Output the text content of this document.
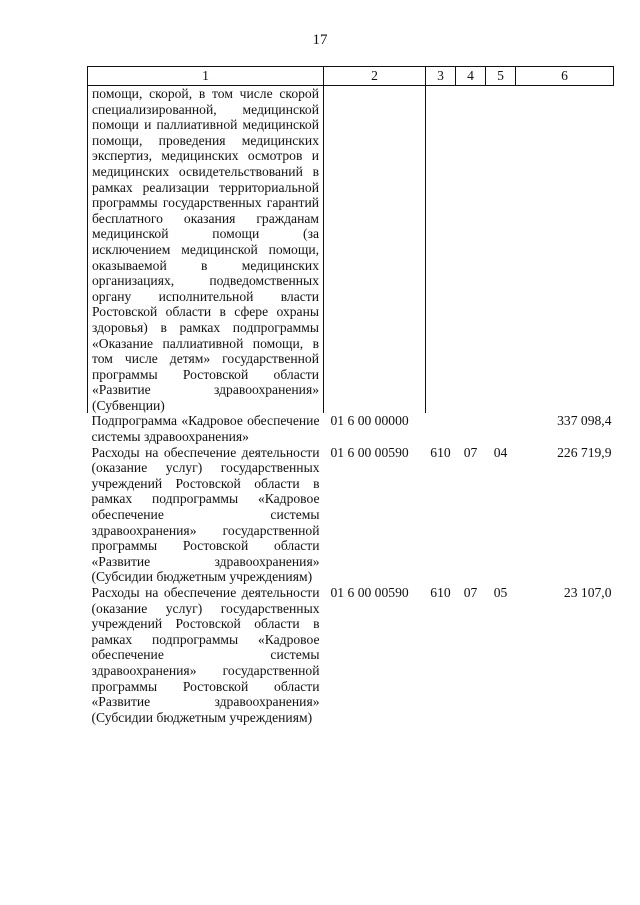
17
1	2	3	4	5	6
помощи, скорой, в том числе скорой специализированной, медицинской помощи и паллиативной медицинской помощи, проведения медицинских экспертиз, медицинских осмотров и медицинских освидетельствований в рамках реализации территориальной программы государственных гарантий бесплатного оказания гражданам медицинской помощи (за исключением медицинской помощи, оказываемой в медицинских организациях, подведомственных органу исполнительной власти Ростовской области в сфере охраны здоровья) в рамках подпрограммы «Оказание паллиативной помощи, в том числе детям» государственной программы Ростовской области «Развитие здравоохранения» (Субвенции)					
Подпрограмма «Кадровое обеспечение системы здравоохранения»	01 6 00 00000				337 098,4
Расходы на обеспечение деятельности (оказание услуг) государственных учреждений Ростовской области в рамках подпрограммы «Кадровое обеспечение системы здравоохранения» государственной программы Ростовской области «Развитие здравоохранения» (Субсидии бюджетным учреждениям)	01 6 00 00590	610	07	04	226 719,9
Расходы на обеспечение деятельности (оказание услуг) государственных учреждений Ростовской области в рамках подпрограммы «Кадровое обеспечение системы здравоохранения» государственной программы Ростовской области «Развитие здравоохранения» (Субсидии бюджетным учреждениям)	01 6 00 00590	610	07	05	23 107,0
